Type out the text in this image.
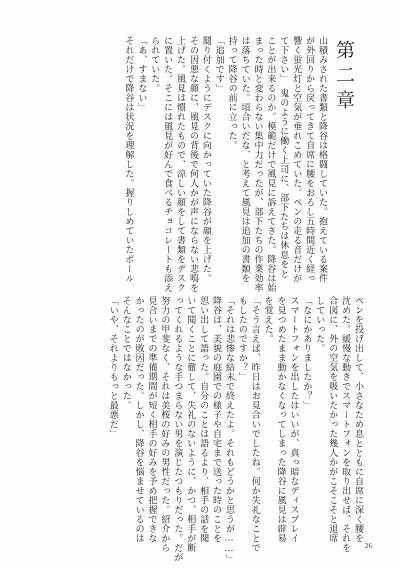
第二章
山積みされた書類と降谷は格闘していた。抱えている案件
が外回りから戻ってきて自席に腰をおろし五時間近く経っ
響く蛍光灯と空気が垂れこめていた。ペンの走る音だけが
て下さい」　鬼のように働く上司に、部下たちは休息をと
ことが出来るのか。模範だけで風見に訴えてきた。降谷は始
まった時と変わらない集中力だったが、部下たちの作業効率
は落ちていた。頃合いだな、と考えて風見は追加の書類を
持って降谷の前に立った。
「追加です」
鬩り付くようにデスクに向かっていた降谷が顔を上げた。
その因悪な顔に、風見の背後で何人かが声にならない悲鳴を
上げた。風見は慣れたもので、涼しい顔をして書類をデスク
に置いた。そこには風見が好んで食べるチョコレートも添え
られていた。
「あ、すまない」
それだけで降谷は状況を理解した。握りしめていたボール
ペンを投げ出して、小さなため息とともに自席に深く腰を
沈めた。緩慢な動きでスマートフォンを取り出せば、それを
合図に、外の空気を吸いたかった幾人かがこそこそと退席
していった。
「なにかありましたか？」
スマートフォンを出したはいいが、真っ暗なディスプレイ
を見つめたまま動かなくなってしまった降谷に風見は辟易
を覚えた。
「そう言えば、昨日はお見合いでしたね。何か失礼なことで
もしたのですか？」
「それは悲惨な結末で終えたよ。それもどうかと思うが……」
降谷は、美貌の庭園での様子や自宅まで送った時のことを
思い出して語った。自分のことは語るより、相手の話を聞
いて聞くことに徹して、失礼のないように、かつ、相手が断
ってくれるような手つまらない男を演じたつもりだった。だが
努力の甲斐なく、それは美桜の好みの男性だった。紹介から
見合いまでの準備期間が短く相手の好みを予め把握できな
かったのが敗因だった。しかし、降谷を悩ませているのは
そんなことではなかった。
「いや、それよりもっと最悪だ」
26
